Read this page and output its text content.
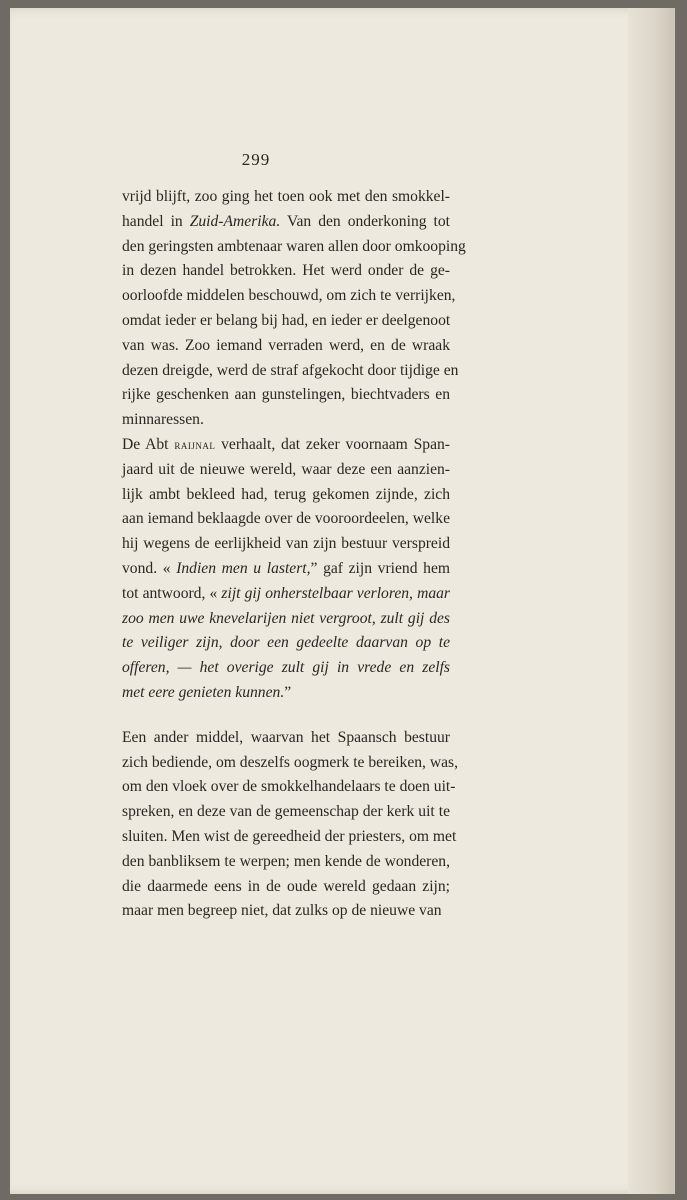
299
vrijd blijft, zoo ging het toen ook met den smokkel-
handel in Zuid-Amerika. Van den onderkoning tot
den geringsten ambtenaar waren allen door omkooping
in dezen handel betrokken. Het werd onder de ge-
oorloofde middelen beschouwd, om zich te verrijken,
omdat ieder er belang bij had, en ieder er deelgenoot
van was. Zoo iemand verraden werd, en de wraak
dezen dreigde, werd de straf afgekocht door tijdige en
rijke geschenken aan gunstelingen, biechtvaders en
minnaressen.
De Abt raijnal verhaalt, dat zeker voornaam Span-
jaard uit de nieuwe wereld, waar deze een aanzien-
lijk ambt bekleed had, terug gekomen zijnde, zich
aan iemand beklaagde over de vooroordeelen, welke
hij wegens de eerlijkheid van zijn bestuur verspreid
vond. « Indien men u lastert,” gaf zijn vriend hem
tot antwoord, « zijt gij onherstelbaar verloren, maar
zoo men uwe knevelarijen niet vergroot, zult gij des
te veiliger zijn, door een gedeelte daarvan op te
offeren, — het overige zult gij in vrede en zelfs
met eere genieten kunnen.”
Een ander middel, waarvan het Spaansch bestuur
zich bediende, om deszelfs oogmerk te bereiken, was,
om den vloek over de smokkelhandelaars te doen uit-
spreken, en deze van de gemeenschap der kerk uit te
sluiten. Men wist de gereedheid der priesters, om met
den banbliksem te werpen; men kende de wonderen,
die daarmede eens in de oude wereld gedaan zijn;
maar men begreep niet, dat zulks op de nieuwe van
